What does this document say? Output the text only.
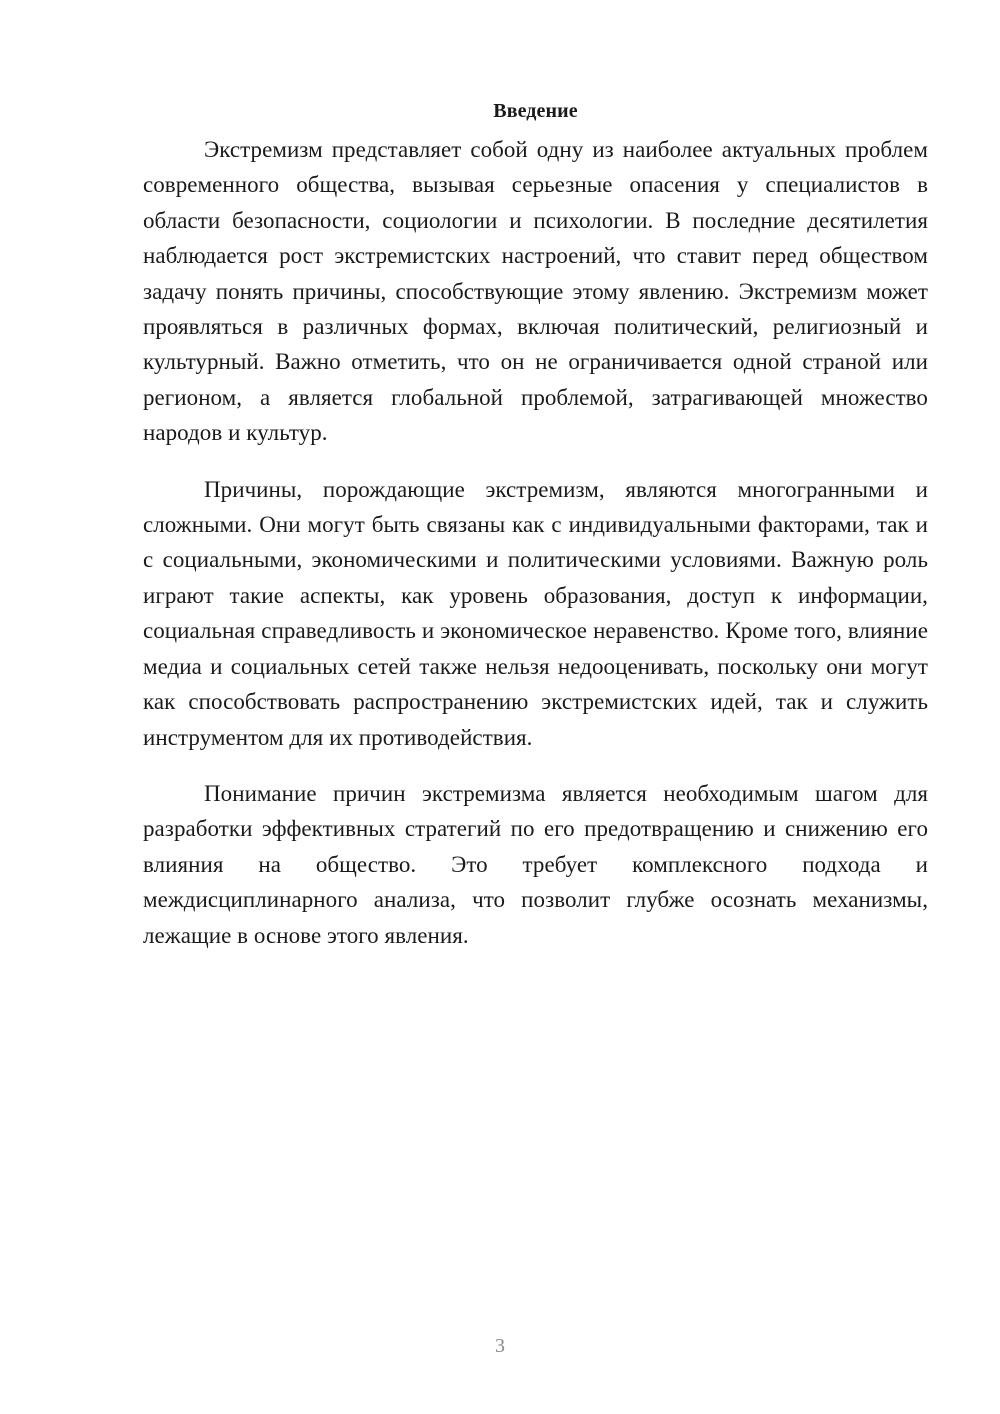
Введение

Экстремизм представляет собой одну из наиболее актуальных проблем современного общества, вызывая серьезные опасения у специалистов в области безопасности, социологии и психологии. В последние десятилетия наблюдается рост экстремистских настроений, что ставит перед обществом задачу понять причины, способствующие этому явлению. Экстремизм может проявляться в различных формах, включая политический, религиозный и культурный. Важно отметить, что он не ограничивается одной страной или регионом, а является глобальной проблемой, затрагивающей множество народов и культур.

Причины, порождающие экстремизм, являются многогранными и сложными. Они могут быть связаны как с индивидуальными факторами, так и с социальными, экономическими и политическими условиями. Важную роль играют такие аспекты, как уровень образования, доступ к информации, социальная справедливость и экономическое неравенство. Кроме того, влияние медиа и социальных сетей также нельзя недооценивать, поскольку они могут как способствовать распространению экстремистских идей, так и служить инструментом для их противодействия.

Понимание причин экстремизма является необходимым шагом для разработки эффективных стратегий по его предотвращению и снижению его влияния на общество. Это требует комплексного подхода и междисциплинарного анализа, что позволит глубже осознать механизмы, лежащие в основе этого явления.

3
